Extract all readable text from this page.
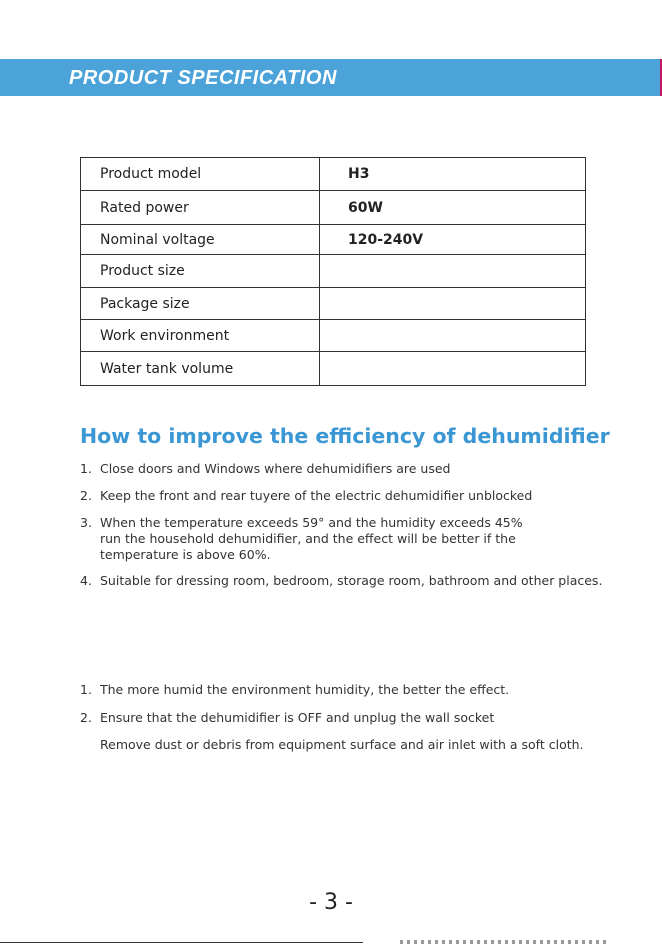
PRODUCT SPECIFICATION
Product model	H3
Rated power	60W
Nominal voltage	120-240V
Product size	
Package size	
Work environment	
Water tank volume	
How to improve the efficiency of dehumidifier
1. Close doors and Windows where dehumidifiers are used
2. Keep the front and rear tuyere of the electric dehumidifier unblocked
3. When the temperature exceeds 59° and the humidity exceeds 45% run the household dehumidifier, and the effect will be better if the temperature is above 60%.
4. Suitable for dressing room, bedroom, storage room, bathroom and other places.
1. The more humid the environment humidity, the better the effect.
2. Ensure that the dehumidifier is OFF and unplug the wall socket
Remove dust or debris from equipment surface and air inlet with a soft cloth.
- 3 -
